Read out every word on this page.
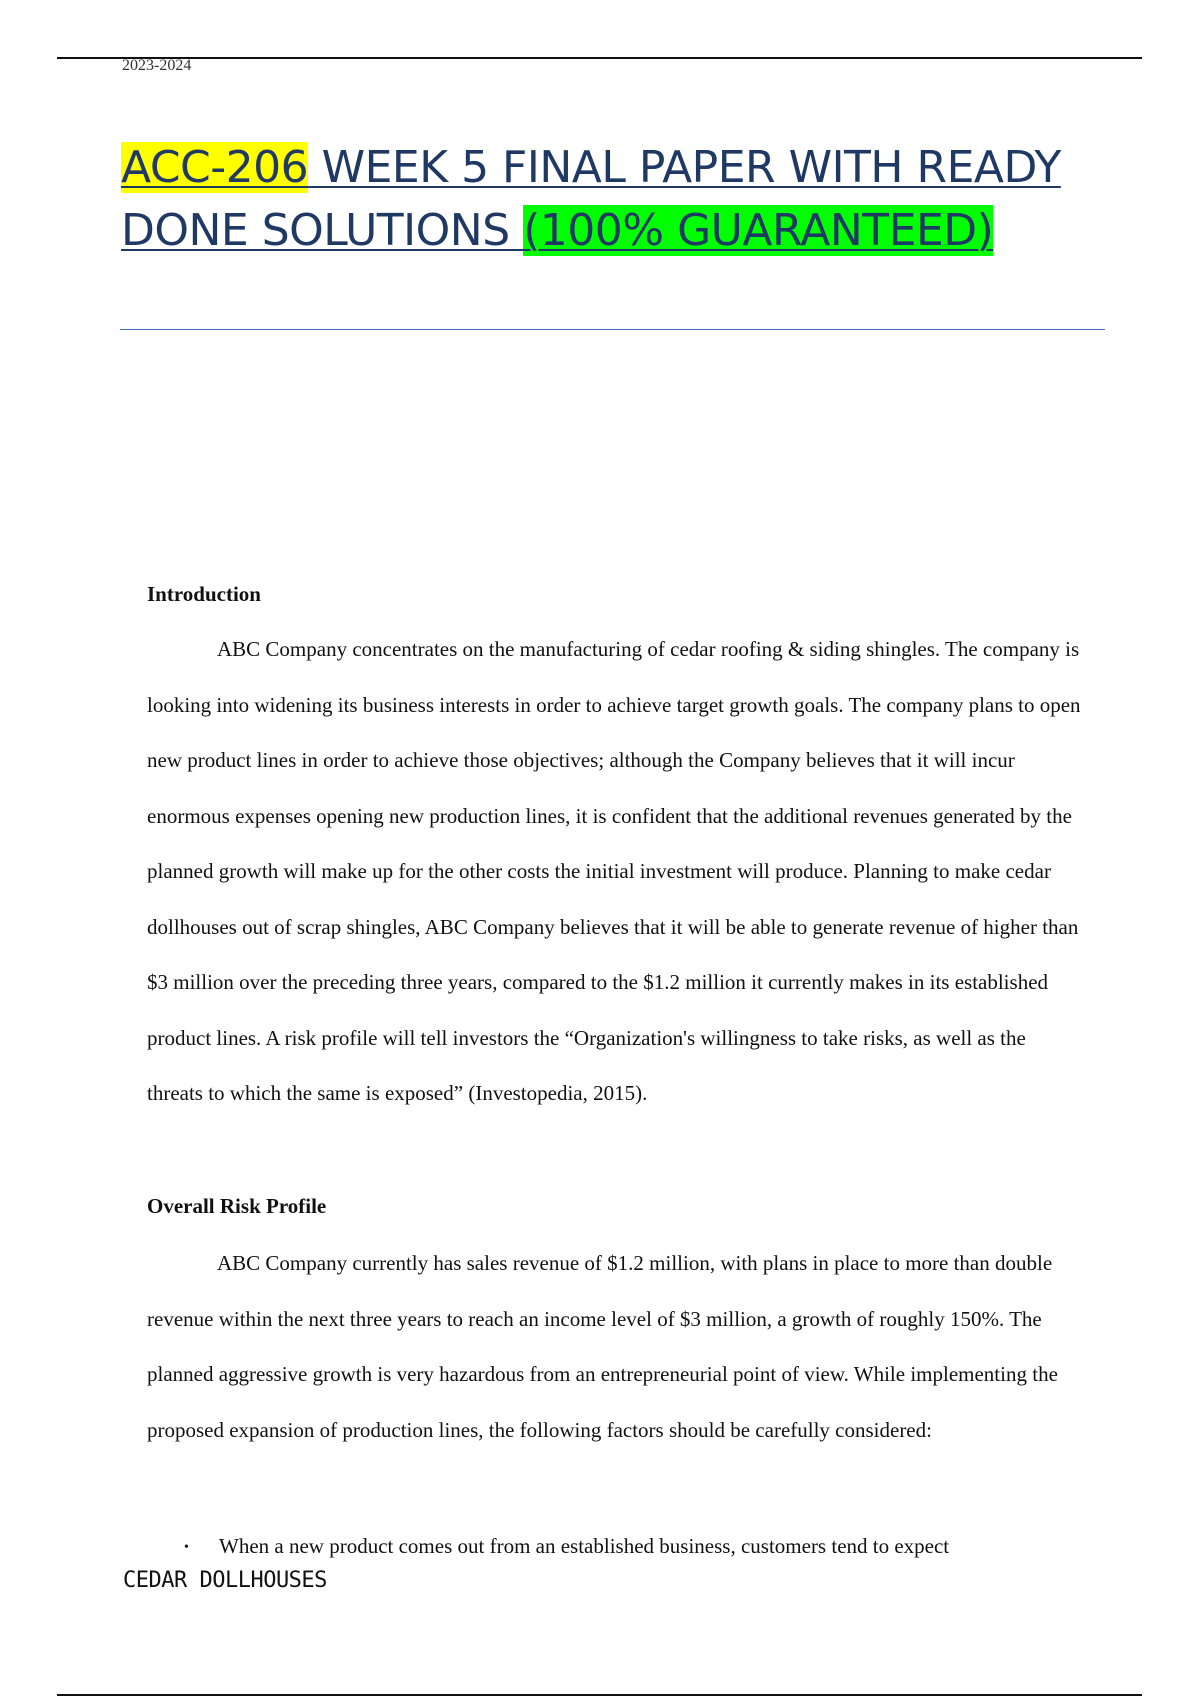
2023-2024
ACC-206 WEEK 5 FINAL PAPER WITH READY DONE SOLUTIONS (100% GUARANTEED)
Introduction

ABC Company concentrates on the manufacturing of cedar roofing & siding shingles. The company is looking into widening its business interests in order to achieve target growth goals. The company plans to open new product lines in order to achieve those objectives; although the Company believes that it will incur enormous expenses opening new production lines, it is confident that the additional revenues generated by the planned growth will make up for the other costs the initial investment will produce. Planning to make cedar dollhouses out of scrap shingles, ABC Company believes that it will be able to generate revenue of higher than $3 million over the preceding three years, compared to the $1.2 million it currently makes in its established product lines. A risk profile will tell investors the “Organization's willingness to take risks, as well as the threats to which the same is exposed” (Investopedia, 2015).

Overall Risk Profile

ABC Company currently has sales revenue of $1.2 million, with plans in place to more than double revenue within the next three years to reach an income level of $3 million, a growth of roughly 150%. The planned aggressive growth is very hazardous from an entrepreneurial point of view. While implementing the proposed expansion of production lines, the following factors should be carefully considered:

• When a new product comes out from an established business, customers tend to expect
CEDAR DOLLHOUSES
